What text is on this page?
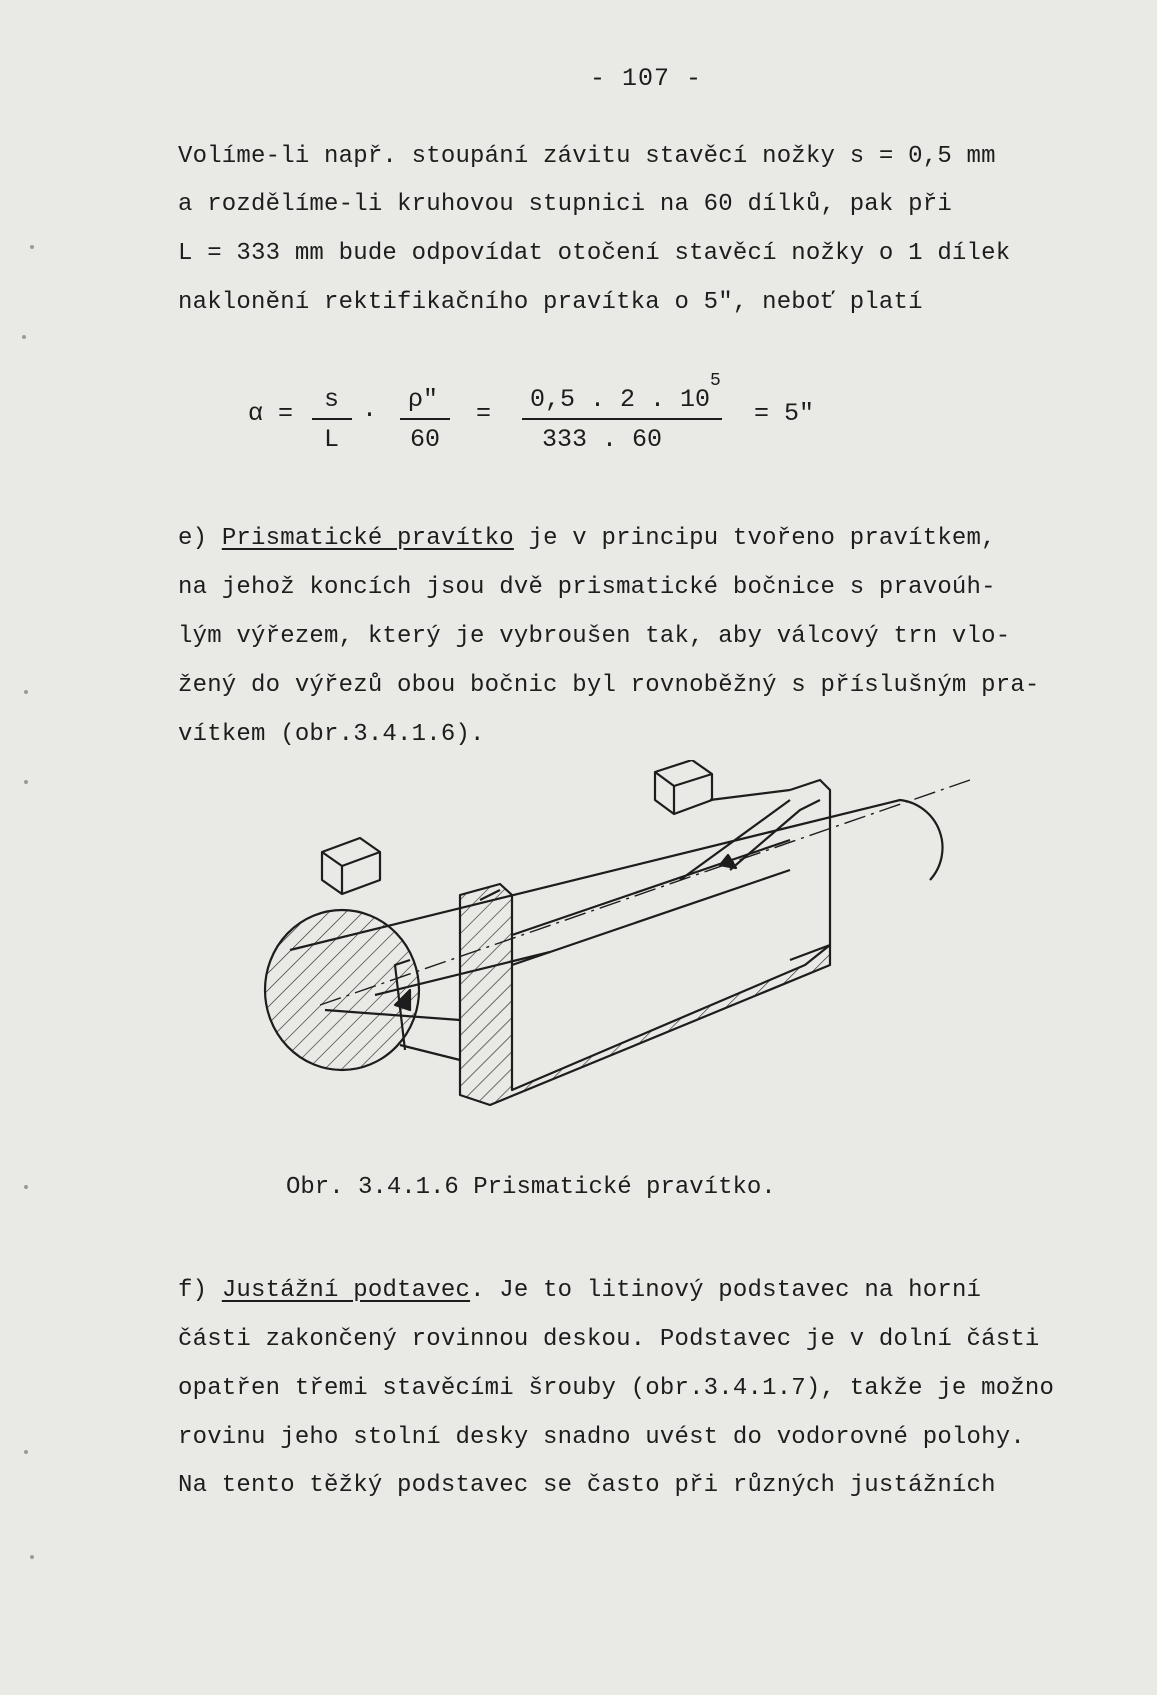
- 107 -
Volíme-li např. stoupání závitu stavěcí nožky s = 0,5 mm
a rozdělíme-li kruhovou stupnici na 60 dílků, pak při
L = 333 mm bude odpovídat otočení stavěcí nožky o 1 dílek
naklonění rektifikačního pravítka o 5", neboť platí
α = s
L
. ρ"
60
= 0,5 . 2 . 10
5
333 . 60
= 5"
e) Prismatické pravítko je v principu tvořeno pravítkem,
na jehož koncích jsou dvě prismatické bočnice s pravoúh-
lým výřezem, který je vybroušen tak, aby válcový trn vlo-
žený do výřezů obou bočnic byl rovnoběžný s příslušným pra-
vítkem (obr.3.4.1.6).
Obr. 3.4.1.6 Prismatické pravítko.
f) Justážní podtavec. Je to litinový podstavec na horní
části zakončený rovinnou deskou. Podstavec je v dolní části
opatřen třemi stavěcími šrouby (obr.3.4.1.7), takže je možno
rovinu jeho stolní desky snadno uvést do vodorovné polohy.
Na tento těžký podstavec se často při různých justážních
